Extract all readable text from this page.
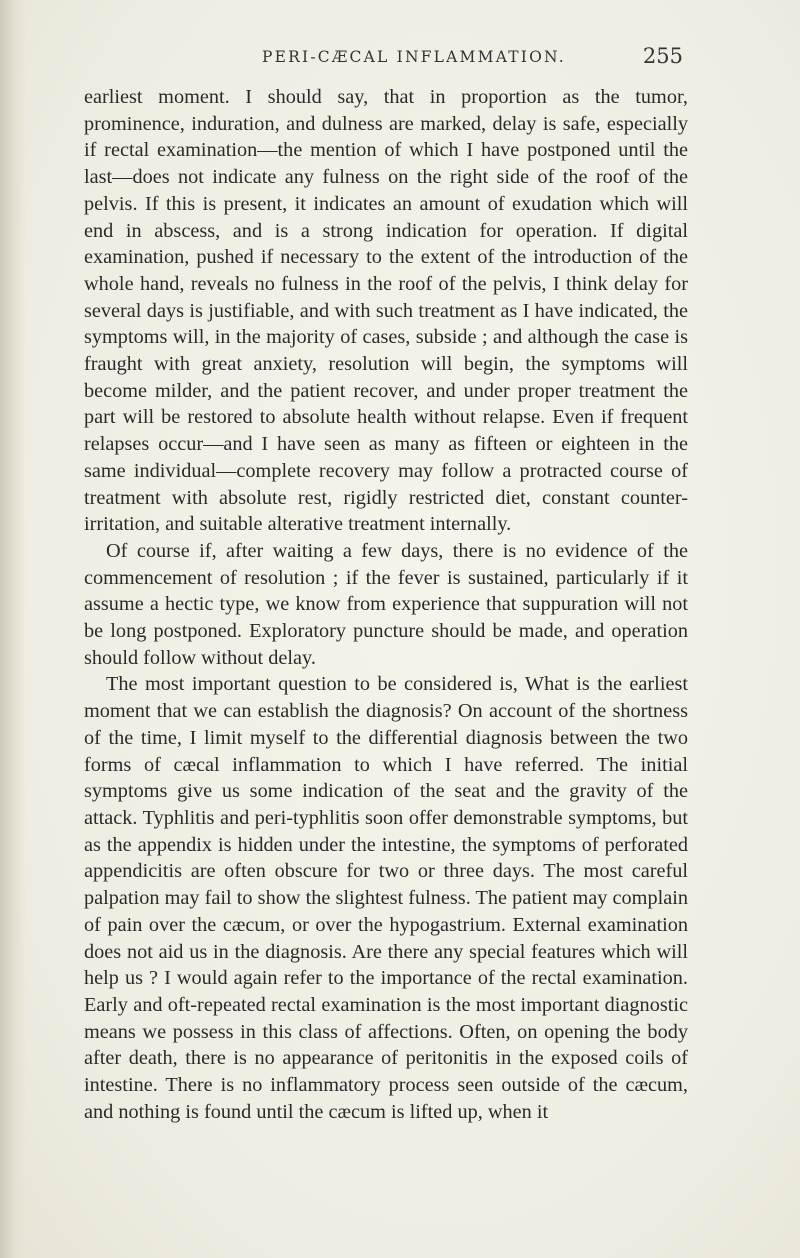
PERI-CÆCAL INFLAMMATION.	255

earliest moment. I should say, that in proportion as the tumor, prominence, induration, and dulness are marked, delay is safe, especially if rectal examination—the mention of which I have postponed until the last—does not indicate any fulness on the right side of the roof of the pelvis. If this is present, it indicates an amount of exudation which will end in abscess, and is a strong indication for operation. If digital examination, pushed if necessary to the extent of the introduction of the whole hand, reveals no fulness in the roof of the pelvis, I think delay for several days is justifiable, and with such treatment as I have indicated, the symptoms will, in the majority of cases, subside ; and although the case is fraught with great anxiety, resolution will begin, the symptoms will become milder, and the patient recover, and under proper treatment the part will be restored to absolute health without relapse. Even if frequent relapses occur—and I have seen as many as fifteen or eighteen in the same individual—complete recovery may follow a protracted course of treatment with absolute rest, rigidly restricted diet, constant counter-irritation, and suitable alterative treatment internally.

Of course if, after waiting a few days, there is no evidence of the commencement of resolution ; if the fever is sustained, particularly if it assume a hectic type, we know from experience that suppuration will not be long postponed. Exploratory puncture should be made, and operation should follow without delay.

The most important question to be considered is, What is the earliest moment that we can establish the diagnosis? On account of the shortness of the time, I limit myself to the differential diagnosis between the two forms of cæcal inflammation to which I have referred. The initial symptoms give us some indication of the seat and the gravity of the attack. Typhlitis and peri-typhlitis soon offer demonstrable symptoms, but as the appendix is hidden under the intestine, the symptoms of perforated appendicitis are often obscure for two or three days. The most careful palpation may fail to show the slightest fulness. The patient may complain of pain over the cæcum, or over the hypogastrium. External examination does not aid us in the diagnosis. Are there any special features which will help us ? I would again refer to the importance of the rectal examination. Early and oft-repeated rectal examination is the most important diagnostic means we possess in this class of affections. Often, on opening the body after death, there is no appearance of peritonitis in the exposed coils of intestine. There is no inflammatory process seen outside of the cæcum, and nothing is found until the cæcum is lifted up, when it
